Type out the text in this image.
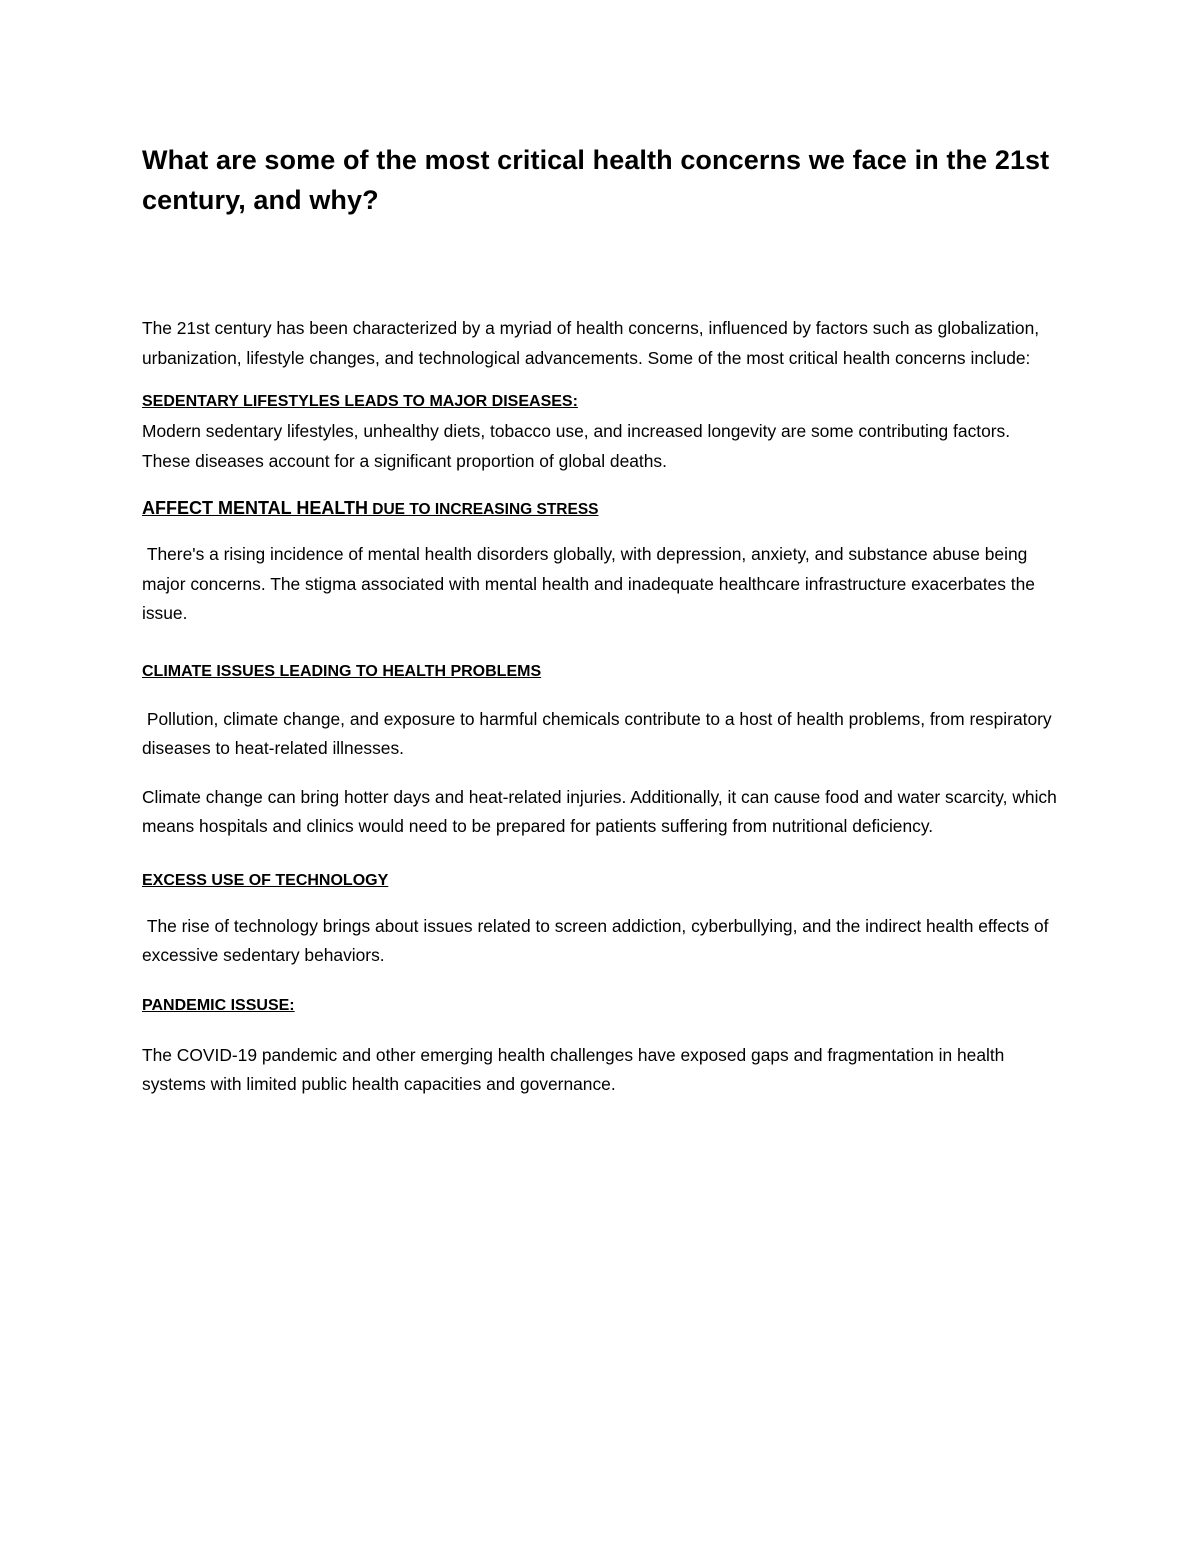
What are some of the most critical health concerns we face in the 21st century, and why?

The 21st century has been characterized by a myriad of health concerns, influenced by factors such as globalization, urbanization, lifestyle changes, and technological advancements. Some of the most critical health concerns include:

SEDENTARY LIFESTYLES LEADS TO MAJOR DISEASES:

Modern sedentary lifestyles, unhealthy diets, tobacco use, and increased longevity are some contributing factors. These diseases account for a significant proportion of global deaths.

AFFECT MENTAL HEALTH DUE TO INCREASING STRESS

There's a rising incidence of mental health disorders globally, with depression, anxiety, and substance abuse being major concerns. The stigma associated with mental health and inadequate healthcare infrastructure exacerbates the issue.

CLIMATE ISSUES LEADING TO HEALTH PROBLEMS

Pollution, climate change, and exposure to harmful chemicals contribute to a host of health problems, from respiratory diseases to heat-related illnesses.

Climate change can bring hotter days and heat-related injuries. Additionally, it can cause food and water scarcity, which means hospitals and clinics would need to be prepared for patients suffering from nutritional deficiency.

EXCESS USE OF TECHNOLOGY

The rise of technology brings about issues related to screen addiction, cyberbullying, and the indirect health effects of excessive sedentary behaviors.

PANDEMIC ISSUSE:

The COVID-19 pandemic and other emerging health challenges have exposed gaps and fragmentation in health systems with limited public health capacities and governance.
